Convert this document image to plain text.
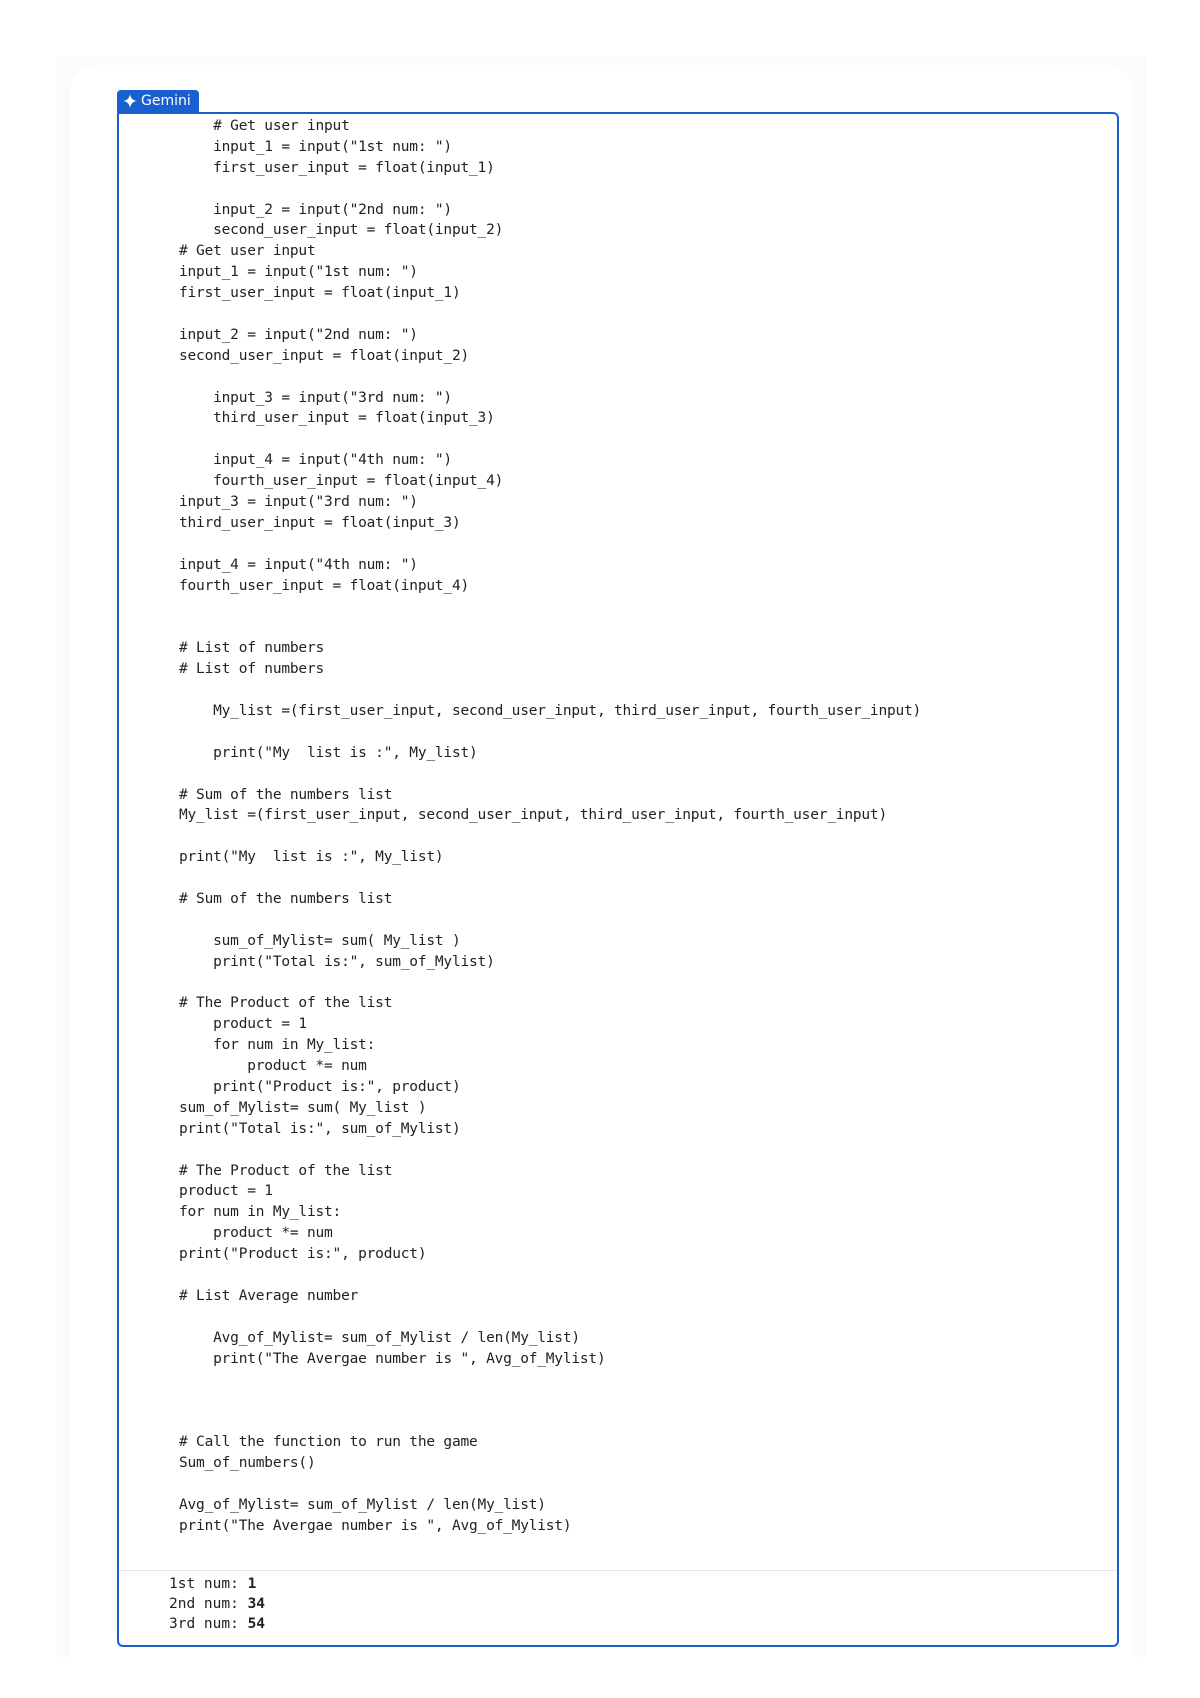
Gemini
# Get user input
input_1 = input("1st num: ")
first_user_input = float(input_1)
input_2 = input("2nd num: ")
second_user_input = float(input_2)
# Get user input
input_1 = input("1st num: ")
first_user_input = float(input_1)
input_2 = input("2nd num: ")
second_user_input = float(input_2)
input_3 = input("3rd num: ")
third_user_input = float(input_3)
input_4 = input("4th num: ")
fourth_user_input = float(input_4)
input_3 = input("3rd num: ")
third_user_input = float(input_3)
input_4 = input("4th num: ")
fourth_user_input = float(input_4)
# List of numbers
# List of numbers
My_list =(first_user_input, second_user_input, third_user_input, fourth_user_input)
print("My  list is :", My_list)
# Sum of the numbers list
My_list =(first_user_input, second_user_input, third_user_input, fourth_user_input)
print("My  list is :", My_list)
# Sum of the numbers list
sum_of_Mylist= sum( My_list )
print("Total is:", sum_of_Mylist)
# The Product of the list
product = 1
for num in My_list:
product *= num
print("Product is:", product)
sum_of_Mylist= sum( My_list )
print("Total is:", sum_of_Mylist)
# The Product of the list
product = 1
for num in My_list:
product *= num
print("Product is:", product)
# List Average number
Avg_of_Mylist= sum_of_Mylist / len(My_list)
print("The Avergae number is ", Avg_of_Mylist)
# Call the function to run the game
Sum_of_numbers()
Avg_of_Mylist= sum_of_Mylist / len(My_list)
print("The Avergae number is ", Avg_of_Mylist)
1st num: 1
2nd num: 34
3rd num: 54
